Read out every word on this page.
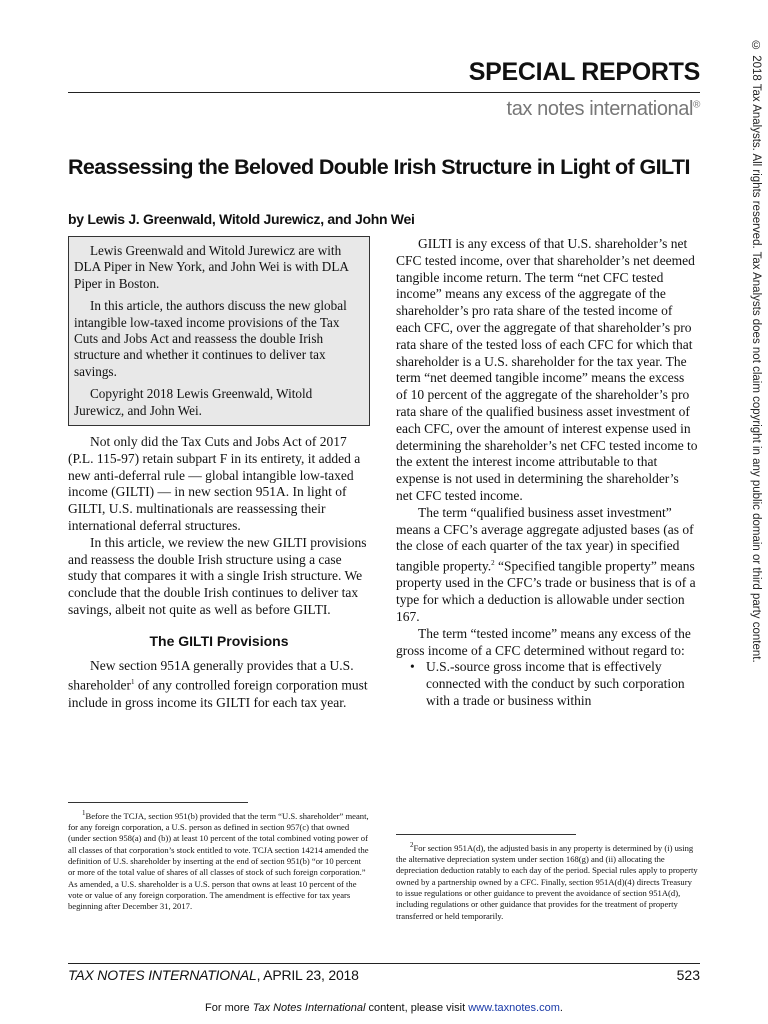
SPECIAL REPORTS
tax notes international®	© 2018 Tax Analysts. All rights reserved. Tax Analysts does not claim copyright in any public domain or third party content.
Reassessing the Beloved Double Irish Structure in Light of GILTI
by Lewis J. Greenwald, Witold Jurewicz, and John Wei

Lewis Greenwald and Witold Jurewicz are with DLA Piper in New York, and John Wei is with DLA Piper in Boston.

In this article, the authors discuss the new global intangible low-taxed income provisions of the Tax Cuts and Jobs Act and reassess the double Irish structure and whether it continues to deliver tax savings.

Copyright 2018 Lewis Greenwald, Witold Jurewicz, and John Wei.

Not only did the Tax Cuts and Jobs Act of 2017 (P.L. 115-97) retain subpart F in its entirety, it added a new anti-deferral rule — global intangible low-taxed income (GILTI) — in new section 951A. In light of GILTI, U.S. multinationals are reassessing their international deferral structures.

In this article, we review the new GILTI provisions and reassess the double Irish structure using a case study that compares it with a single Irish structure. We conclude that the double Irish continues to deliver tax savings, albeit not quite as well as before GILTI.

The GILTI Provisions

New section 951A generally provides that a U.S. shareholder$^1$ of any controlled foreign corporation must include in gross income its GILTI for each tax year.

GILTI is any excess of that U.S. shareholder’s net CFC tested income, over that shareholder’s net deemed tangible income return. The term “net CFC tested income” means any excess of the aggregate of the shareholder’s pro rata share of the tested income of each CFC, over the aggregate of that shareholder’s pro rata share of the tested loss of each CFC for which that shareholder is a U.S. shareholder for the tax year. The term “net deemed tangible income” means the excess of 10 percent of the aggregate of the shareholder’s pro rata share of the qualified business asset investment of each CFC, over the amount of interest expense used in determining the shareholder’s net CFC tested income to the extent the interest income attributable to that expense is not used in determining the shareholder’s net CFC tested income.

The term “qualified business asset investment” means a CFC’s average aggregate adjusted bases (as of the close of each quarter of the tax year) in specified tangible property.$^2$ “Specified tangible property” means property used in the CFC’s trade or business that is of a type for which a deduction is allowable under section 167.

The term “tested income” means any excess of the gross income of a CFC determined without regard to:

• U.S.-source gross income that is effectively connected with the conduct by such corporation with a trade or business within

$^1$Before the TCJA, section 951(b) provided that the term “U.S. shareholder” meant, for any foreign corporation, a U.S. person as defined in section 957(c) that owned (under section 958(a) and (b)) at least 10 percent of the total combined voting power of all classes of that corporation’s stock entitled to vote. TCJA section 14214 amended the definition of U.S. shareholder by inserting at the end of section 951(b) “or 10 percent or more of the total value of shares of all classes of stock of such foreign corporation.” As amended, a U.S. shareholder is a U.S. person that owns at least 10 percent of the vote or value of any foreign corporation. The amendment is effective for tax years beginning after December 31, 2017.

$^2$For section 951A(d), the adjusted basis in any property is determined by (i) using the alternative depreciation system under section 168(g) and (ii) allocating the depreciation deduction ratably to each day of the period. Special rules apply to property owned by a partnership owned by a CFC. Finally, section 951A(d)(4) directs Treasury to issue regulations or other guidance to prevent the avoidance of section 951A(d), including regulations or other guidance that provides for the treatment of property transferred or held temporarily.

TAX NOTES INTERNATIONAL, APRIL 23, 2018	523
For more Tax Notes International content, please visit www.taxnotes.com.
